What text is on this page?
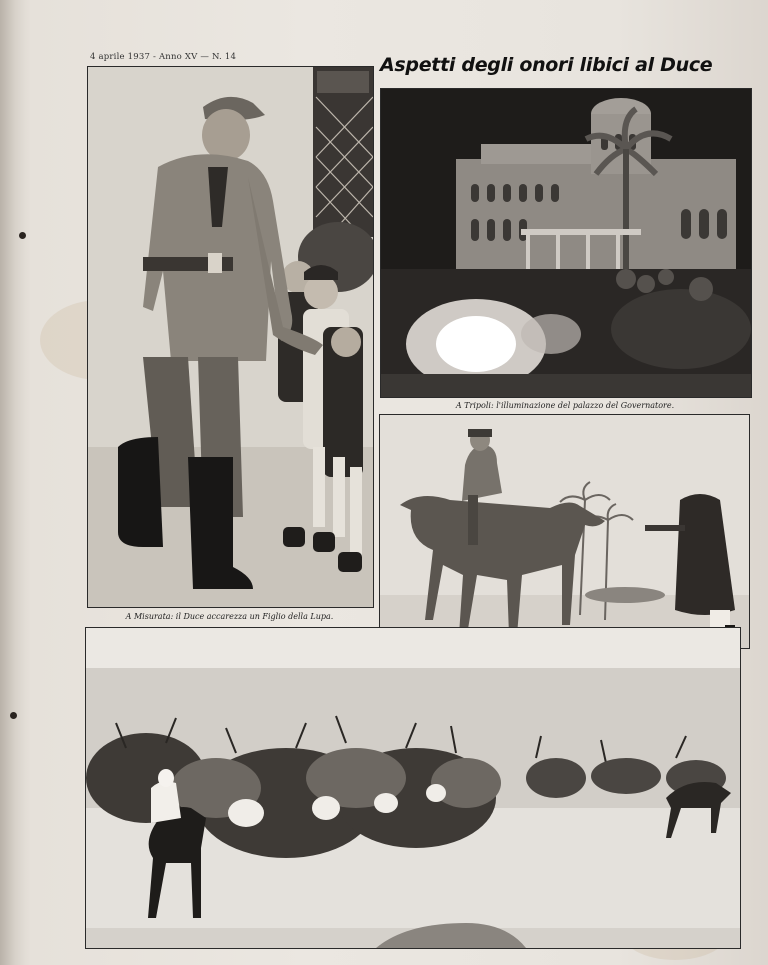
4 aprile 1937 - Anno XV — N. 14	Aspetti degli onori libici al Duce
A Misurata: il Duce accarezza un Figlio della Lupa.
A Tripoli: l'illuminazione del palazzo del Governatore.
